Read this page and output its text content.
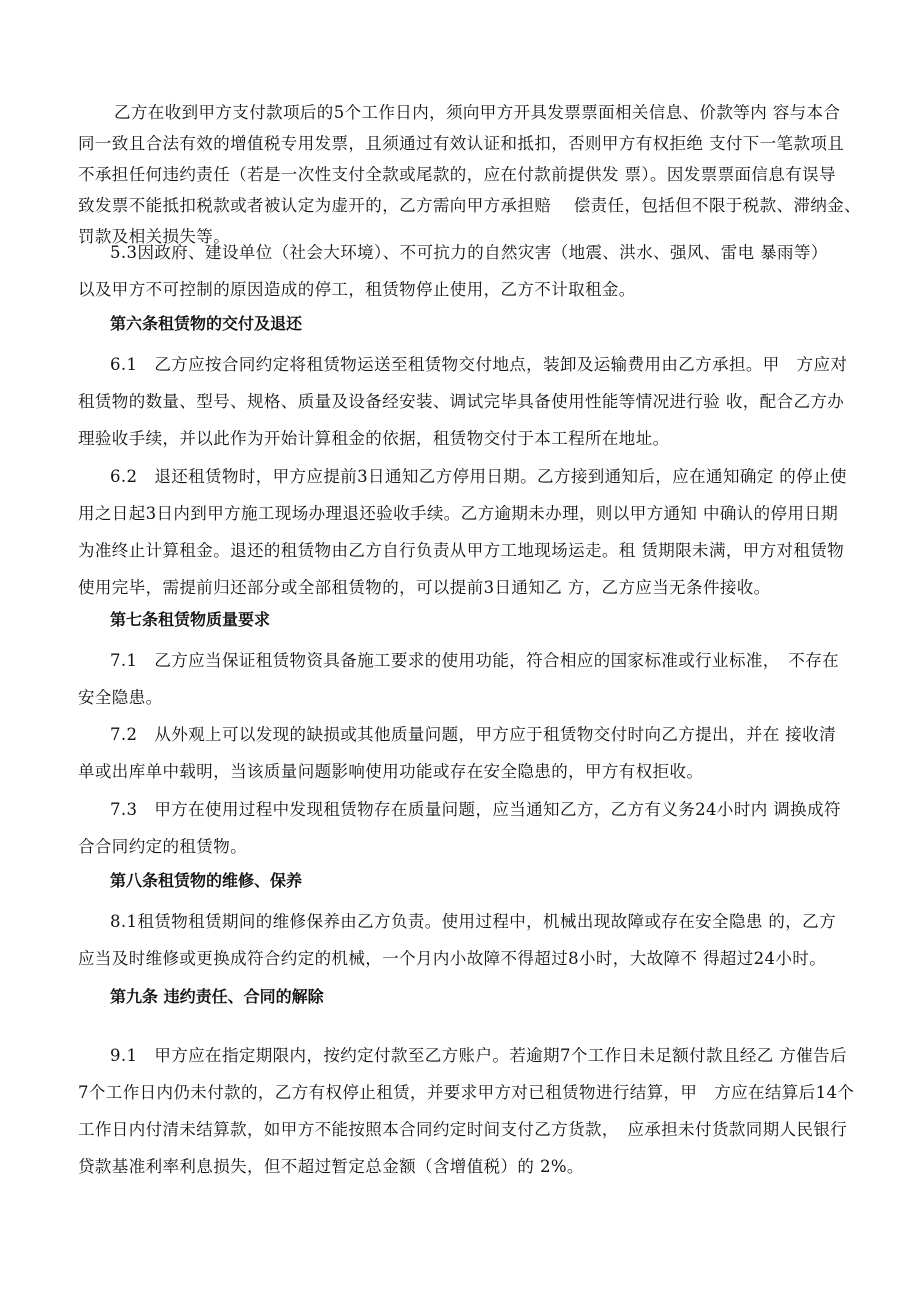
乙方在收到甲方支付款项后的5个工作日内，须向甲方开具发票票面相关信息、价款等内 容与本合
同一致且合法有效的增值税专用发票，且须通过有效认证和抵扣，否则甲方有权拒绝 支付下一笔款项且
不承担任何违约责任（若是一次性支付全款或尾款的，应在付款前提供发 票）。因发票票面信息有误导
致发票不能抵扣税款或者被认定为虚开的，乙方需向甲方承担赔　 偿责任，包括但不限于税款、滞纳金、
罚款及相关损失等。
5.3因政府、建设单位（社会大环境）、不可抗力的自然灾害（地震、洪水、强风、雷电 暴雨等）
以及甲方不可控制的原因造成的停工，租赁物停止使用，乙方不计取租金。
第六条租赁物的交付及退还
6.1　乙方应按合同约定将租赁物运送至租赁物交付地点，装卸及运输费用由乙方承担。甲　方应对
租赁物的数量、型号、规格、质量及设备经安装、调试完毕具备使用性能等情况进行验 收，配合乙方办
理验收手续，并以此作为开始计算租金的依据，租赁物交付于本工程所在地址。
6.2　退还租赁物时，甲方应提前3日通知乙方停用日期。乙方接到通知后，应在通知确定 的停止使
用之日起3日内到甲方施工现场办理退还验收手续。乙方逾期未办理，则以甲方通知 中确认的停用日期
为准终止计算租金。退还的租赁物由乙方自行负责从甲方工地现场运走。租 赁期限未满，甲方对租赁物
使用完毕，需提前归还部分或全部租赁物的，可以提前3日通知乙 方，乙方应当无条件接收。
第七条租赁物质量要求
7.1　乙方应当保证租赁物资具备施工要求的使用功能，符合相应的国家标准或行业标准，　不存在
安全隐患。
7.2　从外观上可以发现的缺损或其他质量问题，甲方应于租赁物交付时向乙方提出，并在 接收清
单或出库单中载明，当该质量问题影响使用功能或存在安全隐患的，甲方有权拒收。
7.3　甲方在使用过程中发现租赁物存在质量问题，应当通知乙方，乙方有义务24小时内 调换成符
合合同约定的租赁物。
第八条租赁物的维修、保养
8.1租赁物租赁期间的维修保养由乙方负责。使用过程中，机械出现故障或存在安全隐患 的，乙方
应当及时维修或更换成符合约定的机械，一个月内小故障不得超过8小时，大故障不 得超过24小时。
第九条 违约责任、合同的解除
9.1　甲方应在指定期限内，按约定付款至乙方账户。若逾期7个工作日未足额付款且经乙 方催告后
7个工作日内仍未付款的，乙方有权停止租赁，并要求甲方对已租赁物进行结算，甲　方应在结算后14个
工作日内付清未结算款，如甲方不能按照本合同约定时间支付乙方货款，　应承担未付货款同期人民银行
贷款基准利率利息损失，但不超过暂定总金额（含增值税）的 2%。
